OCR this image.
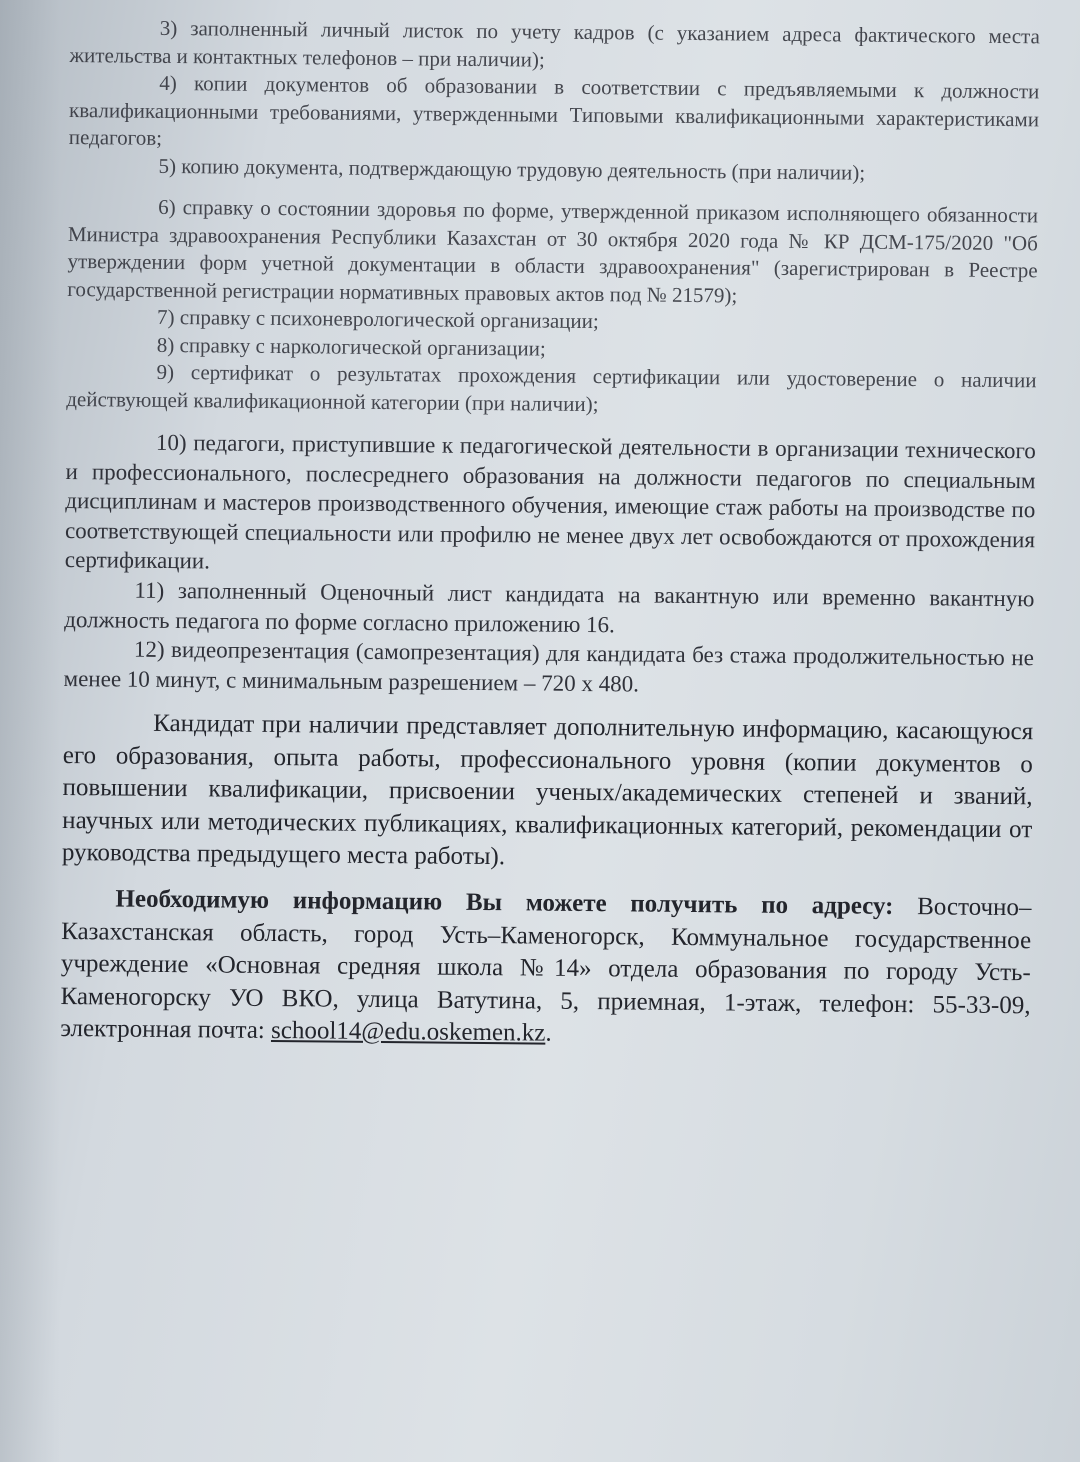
3) заполненный личный листок по учету кадров (с указанием адреса фактического места жительства и контактных телефонов – при наличии);

4) копии документов об образовании в соответствии с предъявляемыми к должности квалификационными требованиями, утвержденными Типовыми квалификационными характеристиками педагогов;

5) копию документа, подтверждающую трудовую деятельность (при наличии);

6) справку о состоянии здоровья по форме, утвержденной приказом исполняющего обязанности Министра здравоохранения Республики Казахстан от 30 октября 2020 года № КР ДСМ-175/2020 "Об утверждении форм учетной документации в области здравоохранения" (зарегистрирован в Реестре государственной регистрации нормативных правовых актов под № 21579);

7) справку с психоневрологической организации;

8) справку с наркологической организации;

9) сертификат о результатах прохождения сертификации или удостоверение о наличии действующей квалификационной категории (при наличии);

10) педагоги, приступившие к педагогической деятельности в организации технического и профессионального, послесреднего образования на должности педагогов по специальным дисциплинам и мастеров производственного обучения, имеющие стаж работы на производстве по соответствующей специальности или профилю не менее двух лет освобождаются от прохождения сертификации.

11) заполненный Оценочный лист кандидата на вакантную или временно вакантную должность педагога по форме согласно приложению 16.

12) видеопрезентация (самопрезентация) для кандидата без стажа продолжительностью не менее 10 минут, с минимальным разрешением – 720 x 480.

Кандидат при наличии представляет дополнительную информацию, касающуюся его образования, опыта работы, профессионального уровня (копии документов о повышении квалификации, присвоении ученых/академических степеней и званий, научных или методических публикациях, квалификационных категорий, рекомендации от руководства предыдущего места работы).

Необходимую информацию Вы можете получить по адресу: Восточно–Казахстанская область, город Усть–Каменогорск, Коммунальное государственное учреждение «Основная средняя школа №14» отдела образования по городу Усть-Каменогорску УО ВКО, улица Ватутина, 5, приемная, 1-этаж, телефон: 55-33-09, электронная почта: school14@edu.oskemen.kz.
